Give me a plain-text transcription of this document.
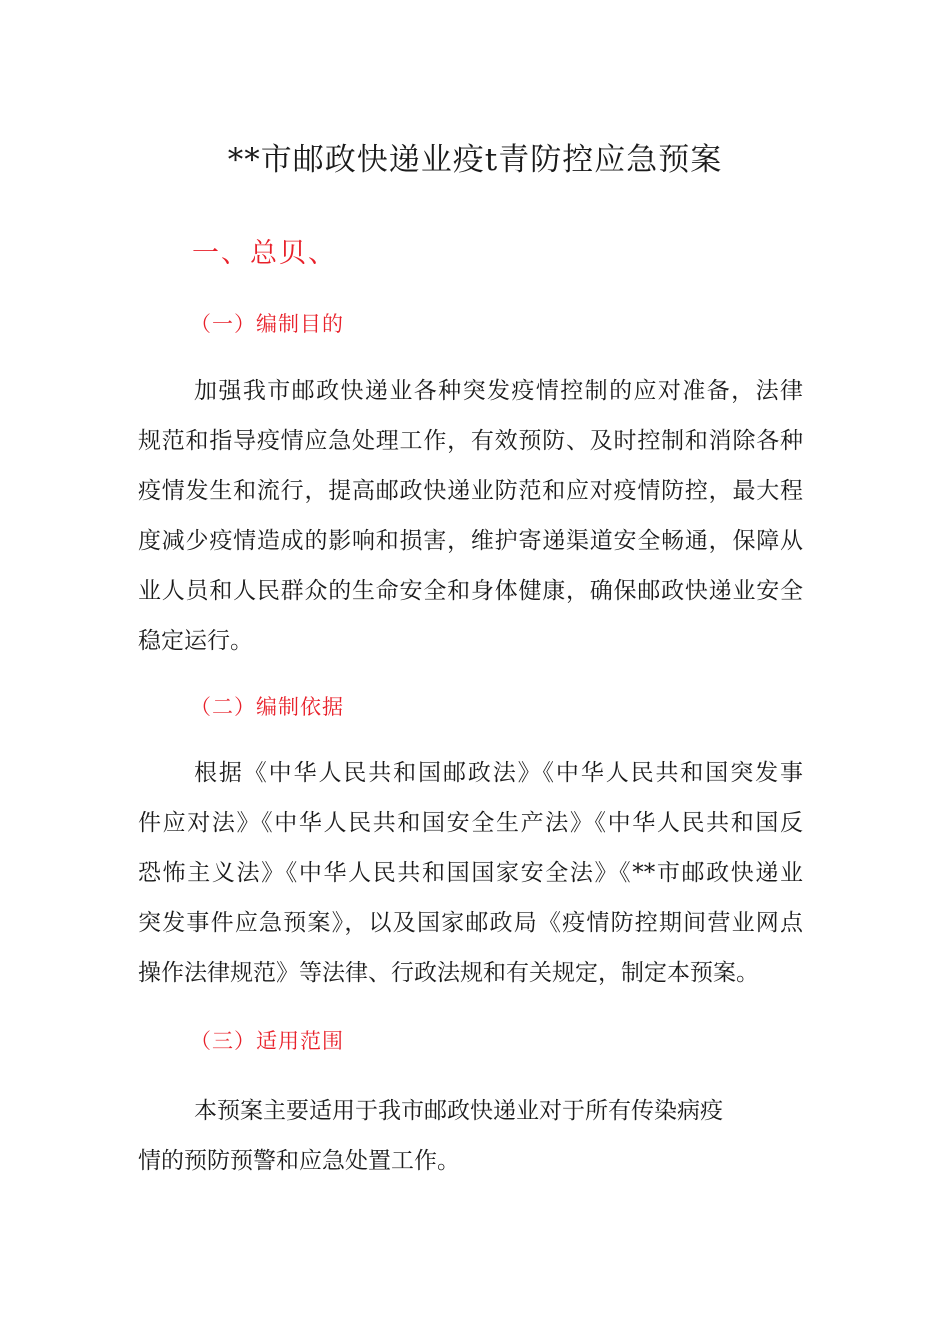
**市邮政快递业疫t青防控应急预案
一、总贝、
（一）编制目的
加强我市邮政快递业各种突发疫情控制的应对准备，法律
规范和指导疫情应急处理工作，有效预防、及时控制和消除各种
疫情发生和流行，提高邮政快递业防范和应对疫情防控，最大程
度减少疫情造成的影响和损害，维护寄递渠道安全畅通，保障从
业人员和人民群众的生命安全和身体健康，确保邮政快递业安全
稳定运行。
（二）编制依据
根据《中华人民共和国邮政法》《中华人民共和国突发事
件应对法》《中华人民共和国安全生产法》《中华人民共和国反
恐怖主义法》《中华人民共和国国家安全法》《**市邮政快递业
突发事件应急预案》，以及国家邮政局《疫情防控期间营业网点
操作法律规范》等法律、行政法规和有关规定，制定本预案。
（三）适用范围
本预案主要适用于我市邮政快递业对于所有传染病疫
情的预防预警和应急处置工作。
